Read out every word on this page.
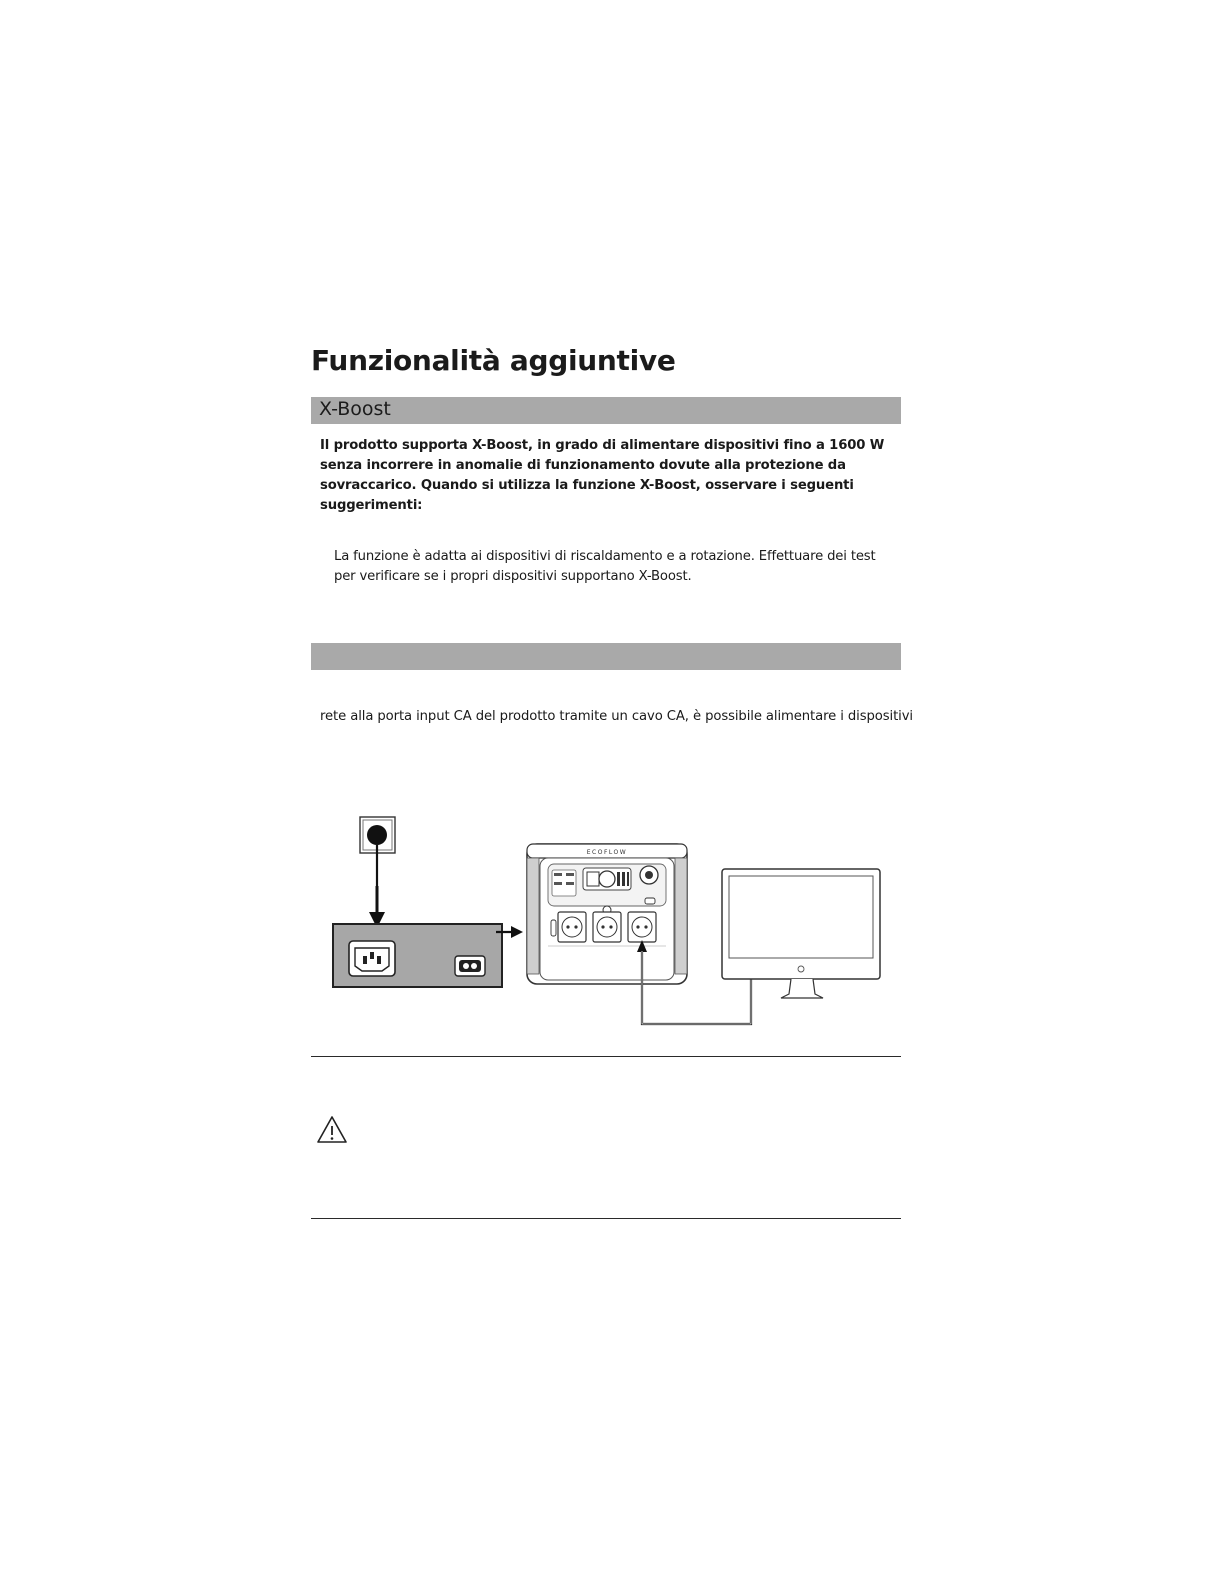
Funzionalità aggiuntive
X-Boost
Il prodotto supporta X-Boost, in grado di alimentare dispositivi fino a 1600 W senza incorrere in anomalie di funzionamento dovute alla protezione da sovraccarico. Quando si utilizza la funzione X-Boost, osservare i seguenti suggerimenti:
La funzione è adatta ai dispositivi di riscaldamento e a rotazione. Effettuare dei test per verificare se i propri dispositivi supportano X-Boost.
rete alla porta input CA del prodotto tramite un cavo CA, è possibile alimentare i dispositivi
ECOFLOW
